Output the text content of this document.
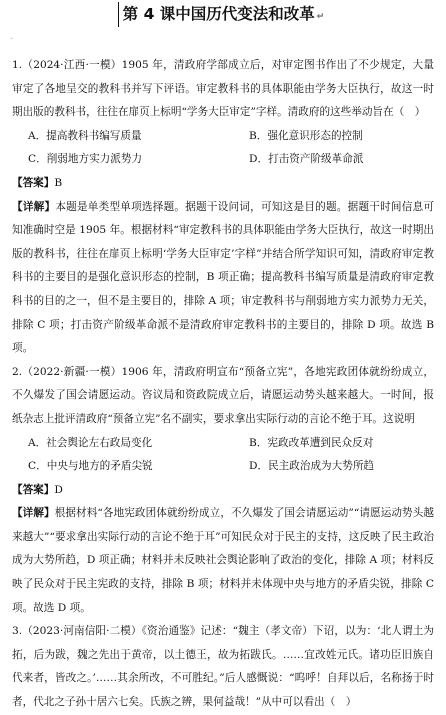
第 4 课中国历代变法和改革 ↵
ˇ

1.（2024·江西·一模）1905 年，清政府学部成立后，对审定图书作出了不少规定，大量审定了各地呈交的教科书并写下评语。审定教科书的具体职能由学务大臣执行，故这一时期出版的教科书，往往在扉页上标明“学务大臣审定”字样。清政府的这些举动旨在（　）

A．提高教科书编写质量	B．强化意识形态的控制
C．削弱地方实力派势力	D．打击资产阶级革命派

【答案】B

【详解】本题是单类型单项选择题。据题干设问词，可知这是目的题。据题干时间信息可知准确时空是 1905 年。根据材料“审定教科书的具体职能由学务大臣执行，故这一时期出版的教科书，往往在扉页上标明‘学务大臣审定’字样”并结合所学知识可知，清政府审定教科书的主要目的是强化意识形态的控制，B 项正确；提高教科书编写质量是清政府审定教科书的目的之一，但不是主要目的，排除 A 项；审定教科书与削弱地方实力派势力无关，排除 C 项；打击资产阶级革命派不是清政府审定教科书的主要目的，排除 D 项。故选 B 项。

2.（2022·新疆·一模）1906 年，清政府明宣布“预备立宪”，各地宪政团体就纷纷成立，不久爆发了国会请愿运动。咨议局和资政院成立后，请愿运动势头越来越大。一时间，报纸杂志上批评清政府“预备立宪”名不副实，要求拿出实际行动的言论不绝于耳。这说明

A．社会舆论左右政局变化	B．宪政改革遭到民众反对
C．中央与地方的矛盾尖锐	D．民主政治成为大势所趋

【答案】D

【详解】根据材料“各地宪政团体就纷纷成立，不久爆发了国会请愿运动”“请愿运动势头越来越大”“要求拿出实际行动的言论不绝于耳”可知民众对于民主的支持，这反映了民主政治成为大势所趋，D 项正确；材料并未反映社会舆论影响了政治的变化，排除 A 项；材料反映了民众对于民主宪政的支持，排除 B 项；材料并未体现中央与地方的矛盾尖锐，排除 C 项。故选 D 项。

3.（2023·河南信阳·二模）《资治通鉴》记述：“魏主（孝文帝）下诏，以为：‘北人谓土为拓，后为跋，魏之先出于黄帝，以土德王，故为拓跋氏。……宜改姓元氏。诸功臣旧族自代来者，皆改之。’……其余所改，不可胜纪。”后人感慨说：“呜呼！自拜以后，名称扬于时者，代北之子孙十居六七矣。氏族之辨，果何益哉！”从中可以看出（　）
